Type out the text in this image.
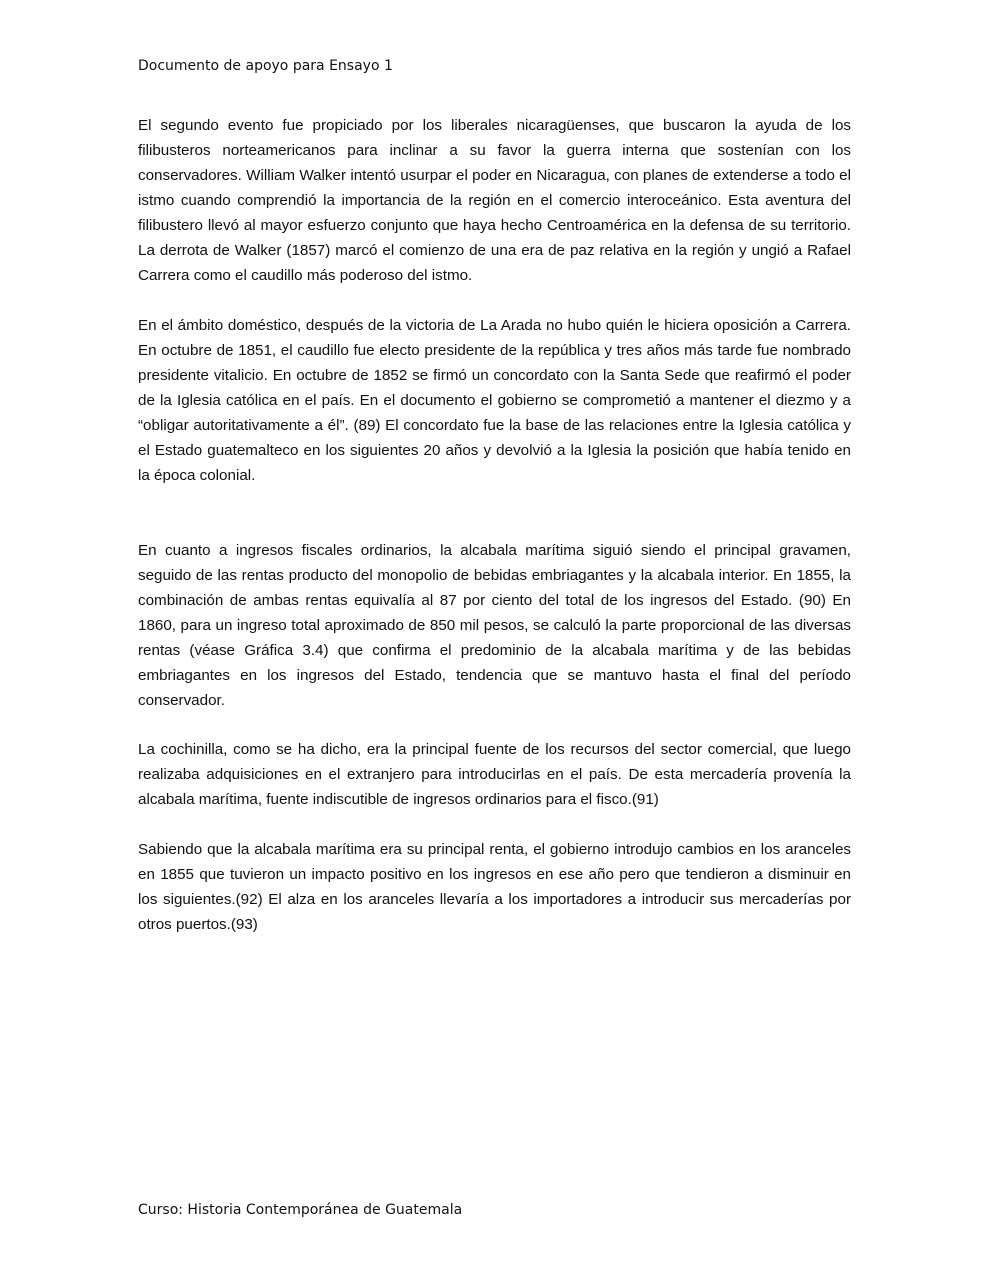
Documento de apoyo para Ensayo 1

El segundo evento fue propiciado por los liberales nicaragüenses, que buscaron la ayuda de los filibusteros norteamericanos para inclinar a su favor la guerra interna que sostenían con los conservadores. William Walker intentó usurpar el poder en Nicaragua, con planes de extenderse a todo el istmo cuando comprendió la importancia de la región en el comercio interoceánico. Esta aventura del filibustero llevó al mayor esfuerzo conjunto que haya hecho Centroamérica en la defensa de su territorio. La derrota de Walker (1857) marcó el comienzo de una era de paz relativa en la región y ungió a Rafael Carrera como el caudillo más poderoso del istmo.

En el ámbito doméstico, después de la victoria de La Arada no hubo quién le hiciera oposición a Carrera. En octubre de 1851, el caudillo fue electo presidente de la república y tres años más tarde fue nombrado presidente vitalicio. En octubre de 1852 se firmó un concordato con la Santa Sede que reafirmó el poder de la Iglesia católica en el país. En el documento el gobierno se comprometió a mantener el diezmo y a “obligar autoritativamente a él”. (89) El concordato fue la base de las relaciones entre la Iglesia católica y el Estado guatemalteco en los siguientes 20 años y devolvió a la Iglesia la posición que había tenido en la época colonial.

En cuanto a ingresos fiscales ordinarios, la alcabala marítima siguió siendo el principal gravamen, seguido de las rentas producto del monopolio de bebidas embriagantes y la alcabala interior. En 1855, la combinación de ambas rentas equivalía al 87 por ciento del total de los ingresos del Estado. (90) En 1860, para un ingreso total aproximado de 850 mil pesos, se calculó la parte proporcional de las diversas rentas (véase Gráfica 3.4) que confirma el predominio de la alcabala marítima y de las bebidas embriagantes en los ingresos del Estado, tendencia que se mantuvo hasta el final del período conservador.

La cochinilla, como se ha dicho, era la principal fuente de los recursos del sector comercial, que luego realizaba adquisiciones en el extranjero para introducirlas en el país. De esta mercadería provenía la alcabala marítima, fuente indiscutible de ingresos ordinarios para el fisco.(91)

Sabiendo que la alcabala marítima era su principal renta, el gobierno introdujo cambios en los aranceles en 1855 que tuvieron un impacto positivo en los ingresos en ese año pero que tendieron a disminuir en los siguientes.(92) El alza en los aranceles llevaría a los importadores a introducir sus mercaderías por otros puertos.(93)

Curso: Historia Contemporánea de Guatemala
